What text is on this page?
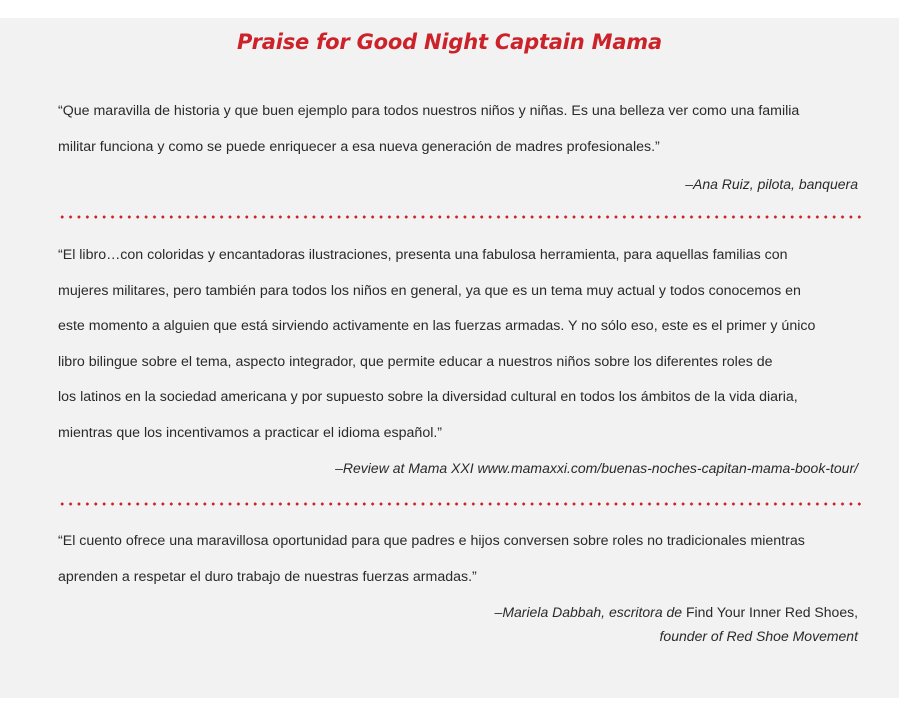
Praise for Good Night Captain Mama

“Que maravilla de historia y que buen ejemplo para todos nuestros niños y niñas. Es una belleza ver como una familia

militar funciona y como se puede enriquecer a esa nueva generación de madres profesionales.”

–Ana Ruiz, pilota, banquera

“El libro…con coloridas y encantadoras ilustraciones, presenta una fabulosa herramienta, para aquellas familias con

mujeres militares, pero también para todos los niños en general, ya que es un tema muy actual y todos conocemos en

este momento a alguien que está sirviendo activamente en las fuerzas armadas. Y no sólo eso, este es el primer y único

libro bilingue sobre el tema, aspecto integrador, que permite educar a nuestros niños sobre los diferentes roles de

los latinos en la sociedad americana y por supuesto sobre la diversidad cultural en todos los ámbitos de la vida diaria,

mientras que los incentivamos a practicar el idioma español.”

–Review at Mama XXI www.mamaxxi.com/buenas-noches-capitan-mama-book-tour/

“El cuento ofrece una maravillosa oportunidad para que padres e hijos conversen sobre roles no tradicionales mientras

aprenden a respetar el duro trabajo de nuestras fuerzas armadas.”

–Mariela Dabbah, escritora de Find Your Inner Red Shoes,
founder of Red Shoe Movement
